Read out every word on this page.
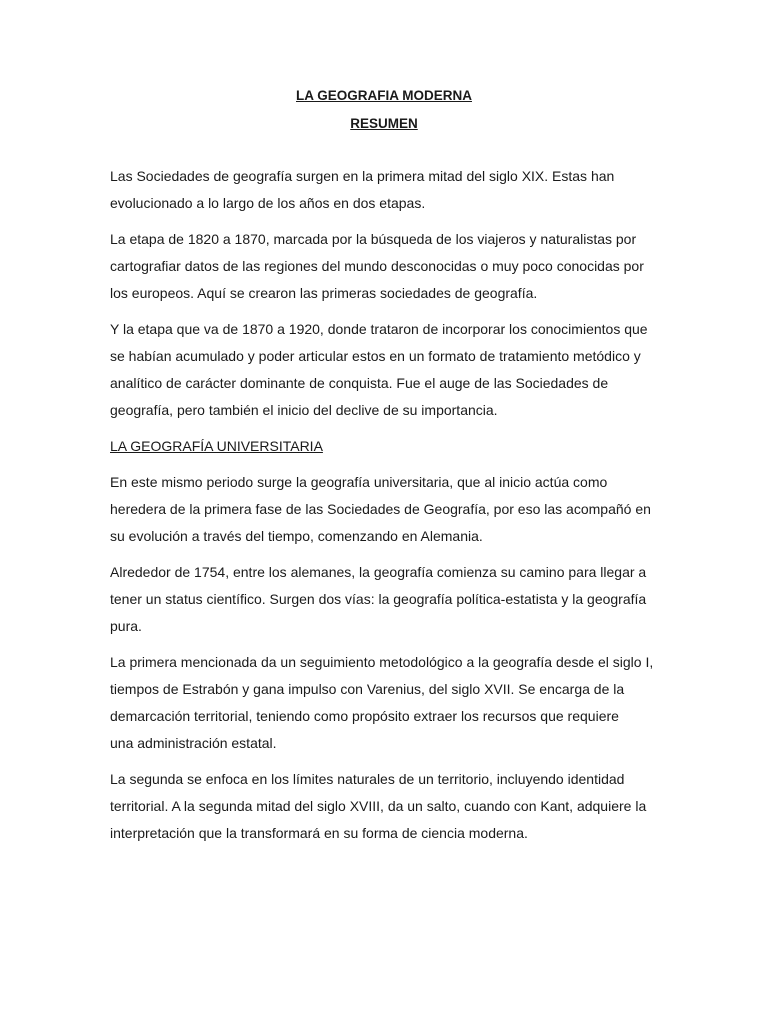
LA GEOGRAFIA MODERNA
RESUMEN
Las Sociedades de geografía surgen en la primera mitad del siglo XIX. Estas han
evolucionado a lo largo de los años en dos etapas.
La etapa de 1820 a 1870, marcada por la búsqueda de los viajeros y naturalistas por
cartografiar datos de las regiones del mundo desconocidas o muy poco conocidas por
los europeos. Aquí se crearon las primeras sociedades de geografía.
Y la etapa que va de 1870 a 1920, donde trataron de incorporar los conocimientos que
se habían acumulado y poder articular estos en un formato de tratamiento metódico y
analítico de carácter dominante de conquista. Fue el auge de las Sociedades de
geografía, pero también el inicio del declive de su importancia.
LA GEOGRAFÍA UNIVERSITARIA
En este mismo periodo surge la geografía universitaria, que al inicio actúa como
heredera de la primera fase de las Sociedades de Geografía, por eso las acompañó en
su evolución a través del tiempo, comenzando en Alemania.
Alrededor de 1754, entre los alemanes, la geografía comienza su camino para llegar a
tener un status científico. Surgen dos vías: la geografía política-estatista y la geografía
pura.
La primera mencionada da un seguimiento metodológico a la geografía desde el siglo I,
tiempos de Estrabón y gana impulso con Varenius, del siglo XVII. Se encarga de la
demarcación territorial, teniendo como propósito extraer los recursos que requiere
una administración estatal.
La segunda se enfoca en los límites naturales de un territorio, incluyendo identidad
territorial. A la segunda mitad del siglo XVIII, da un salto, cuando con Kant, adquiere la
interpretación que la transformará en su forma de ciencia moderna.
